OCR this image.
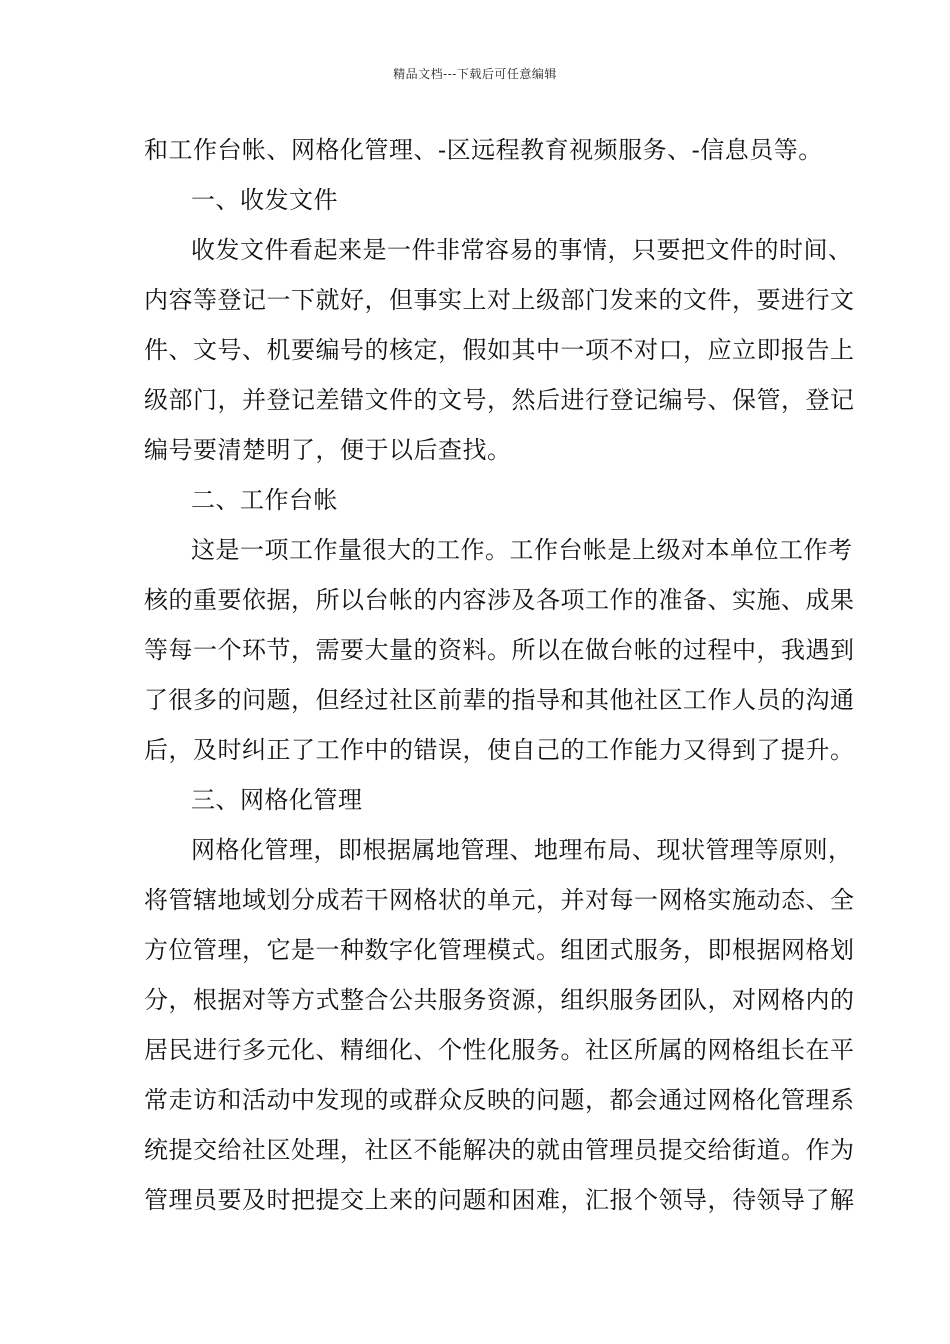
精品文档---下载后可任意编辑
和工作台帐、网格化管理、-区远程教育视频服务、-信息员等。
一、收发文件
收发文件看起来是一件非常容易的事情，只要把文件的时间、
内容等登记一下就好，但事实上对上级部门发来的文件，要进行文
件、文号、机要编号的核定，假如其中一项不对口，应立即报告上
级部门，并登记差错文件的文号，然后进行登记编号、保管，登记
编号要清楚明了，便于以后查找。
二、工作台帐
这是一项工作量很大的工作。工作台帐是上级对本单位工作考
核的重要依据，所以台帐的内容涉及各项工作的准备、实施、成果
等每一个环节，需要大量的资料。所以在做台帐的过程中，我遇到
了很多的问题，但经过社区前辈的指导和其他社区工作人员的沟通
后，及时纠正了工作中的错误，使自己的工作能力又得到了提升。
三、网格化管理
网格化管理，即根据属地管理、地理布局、现状管理等原则，
将管辖地域划分成若干网格状的单元，并对每一网格实施动态、全
方位管理，它是一种数字化管理模式。组团式服务，即根据网格划
分，根据对等方式整合公共服务资源，组织服务团队，对网格内的
居民进行多元化、精细化、个性化服务。社区所属的网格组长在平
常走访和活动中发现的或群众反映的问题，都会通过网格化管理系
统提交给社区处理，社区不能解决的就由管理员提交给街道。作为
管理员要及时把提交上来的问题和困难，汇报个领导，待领导了解
